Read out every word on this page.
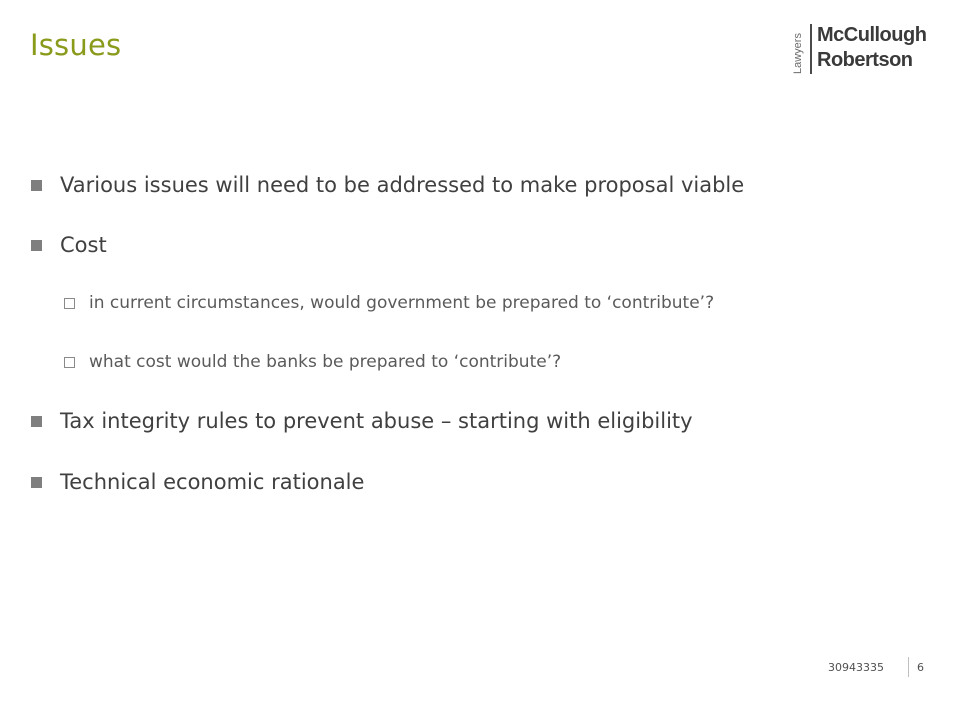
Issues	Lawyers McCullough
Robertson
Various issues will need to be addressed to make proposal viable
Cost
in current circumstances, would government be prepared to ‘contribute’?
what cost would the banks be prepared to ‘contribute’?
Tax integrity rules to prevent abuse – starting with eligibility
Technical economic rationale
30943335	6
